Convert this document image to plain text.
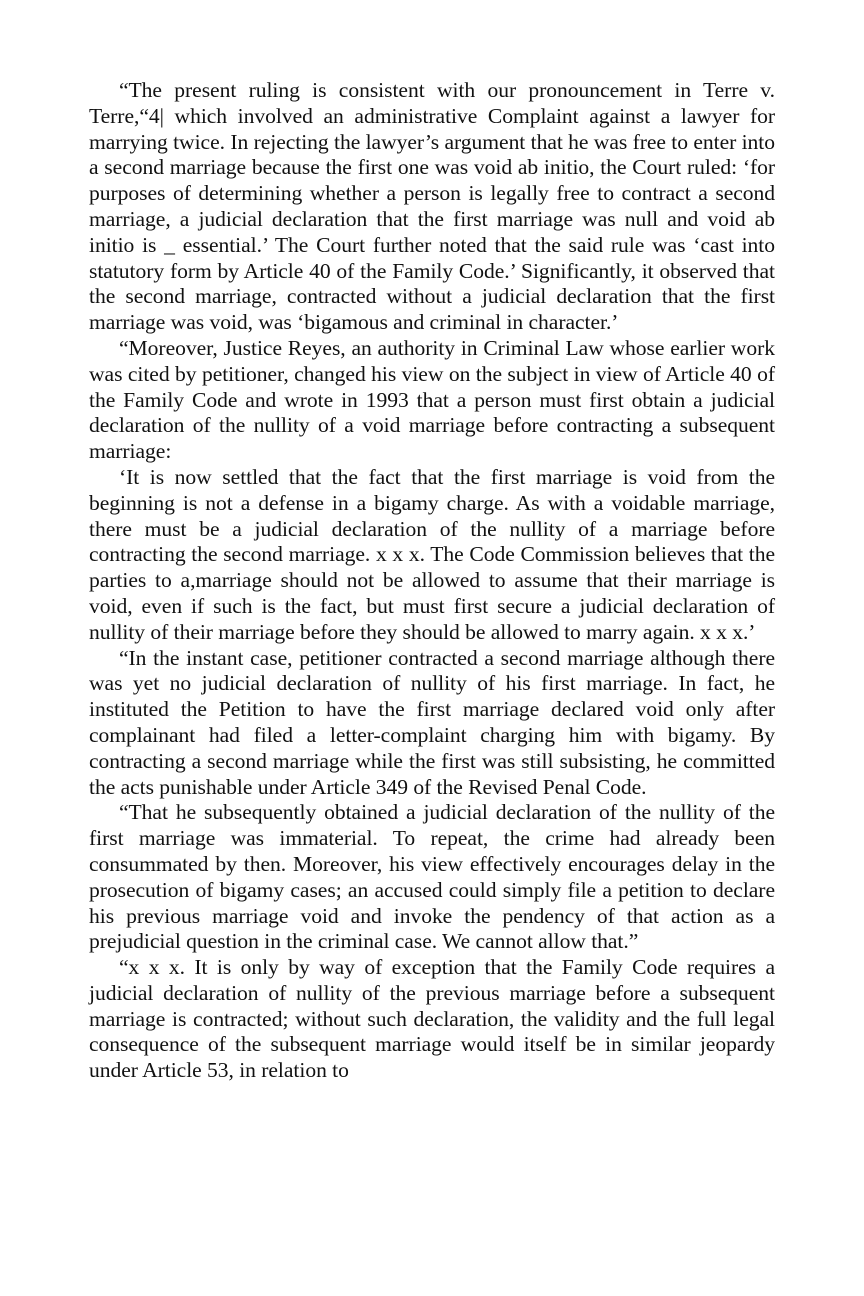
“The present ruling is consistent with our pronouncement in Terre v. Terre,“4| which involved an administrative Complaint against a lawyer for marrying twice. In rejecting the lawyer’s argument that he was free to enter into a second marriage because the first one was void ab initio, the Court ruled: ‘for purposes of determining whether a person is legally free to contract a second marriage, a judicial declaration that the first marriage was null and void ab initio is _ essential.’ The Court further noted that the said rule was ‘cast into statutory form by Article 40 of the Family Code.’ Significantly, it observed that the second marriage, contracted without a judicial declaration that the first marriage was void, was ‘bigamous and criminal in character.’

“Moreover, Justice Reyes, an authority in Criminal Law whose earlier work was cited by petitioner, changed his view on the subject in view of Article 40 of the Family Code and wrote in 1993 that a person must first obtain a judicial declaration of the nullity of a void marriage before contracting a subsequent marriage:

‘It is now settled that the fact that the first marriage is void from the beginning is not a defense in a bigamy charge. As with a voidable marriage, there must be a judicial declaration of the nullity of a marriage before contracting the second marriage. x x x. The Code Commission believes that the parties to a,marriage should not be allowed to assume that their marriage is void, even if such is the fact, but must first secure a judicial declaration of nullity of their marriage before they should be allowed to marry again. x x x.’

“In the instant case, petitioner contracted a second marriage although there was yet no judicial declaration of nullity of his first marriage. In fact, he instituted the Petition to have the first marriage declared void only after complainant had filed a letter-complaint charging him with bigamy. By contracting a second marriage while the first was still subsisting, he committed the acts punishable under Article 349 of the Revised Penal Code.

“That he subsequently obtained a judicial declaration of the nullity of the first marriage was immaterial. To repeat, the crime had already been consummated by then. Moreover, his view effectively encourages delay in the prosecution of bigamy cases; an accused could simply file a petition to declare his previous marriage void and invoke the pendency of that action as a prejudicial question in the criminal case. We cannot allow that.”

“x x x. It is only by way of exception that the Family Code requires a judicial declaration of nullity of the previous marriage before a subsequent marriage is contracted; without such declaration, the validity and the full legal consequence of the subsequent marriage would itself be in similar jeopardy under Article 53, in relation to
